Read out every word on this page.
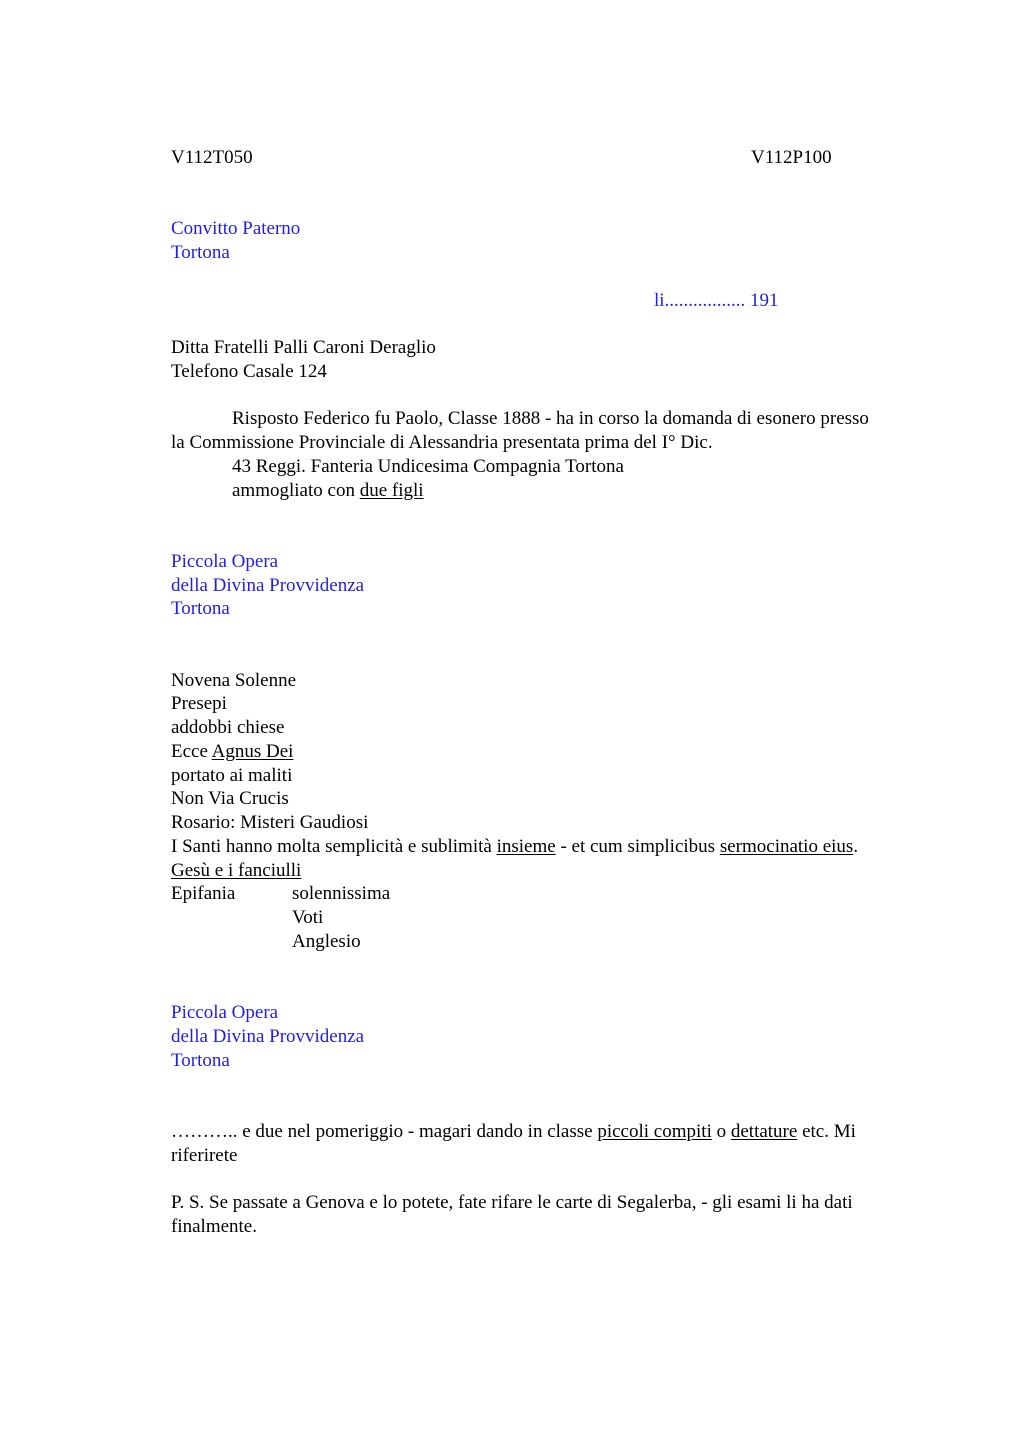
V112T050	V112P100
Convitto Paterno
Tortona
li................. 191
Ditta Fratelli Palli Caroni Deraglio
Telefono Casale 124
Risposto Federico fu Paolo, Classe 1888 - ha in corso la domanda di esonero presso
la Commissione Provinciale di Alessandria presentata prima del I° Dic.
43 Reggi. Fanteria Undicesima Compagnia Tortona
ammogliato con due figli
Piccola Opera
della Divina Provvidenza
Tortona
Novena Solenne
Presepi
addobbi chiese
Ecce Agnus Dei
portato ai maliti
Non Via Crucis
Rosario: Misteri Gaudiosi
I Santi hanno molta semplicità e sublimità insieme - et cum simplicibus sermocinatio eius.
Gesù e i fanciulli
Epifania	solennissima
Voti
Anglesio
Piccola Opera
della Divina Provvidenza
Tortona
……….. e due nel pomeriggio - magari dando in classe piccoli compiti o dettature etc. Mi
riferirete
P. S. Se passate a Genova e lo potete, fate rifare le carte di Segalerba, - gli esami li ha dati
finalmente.
